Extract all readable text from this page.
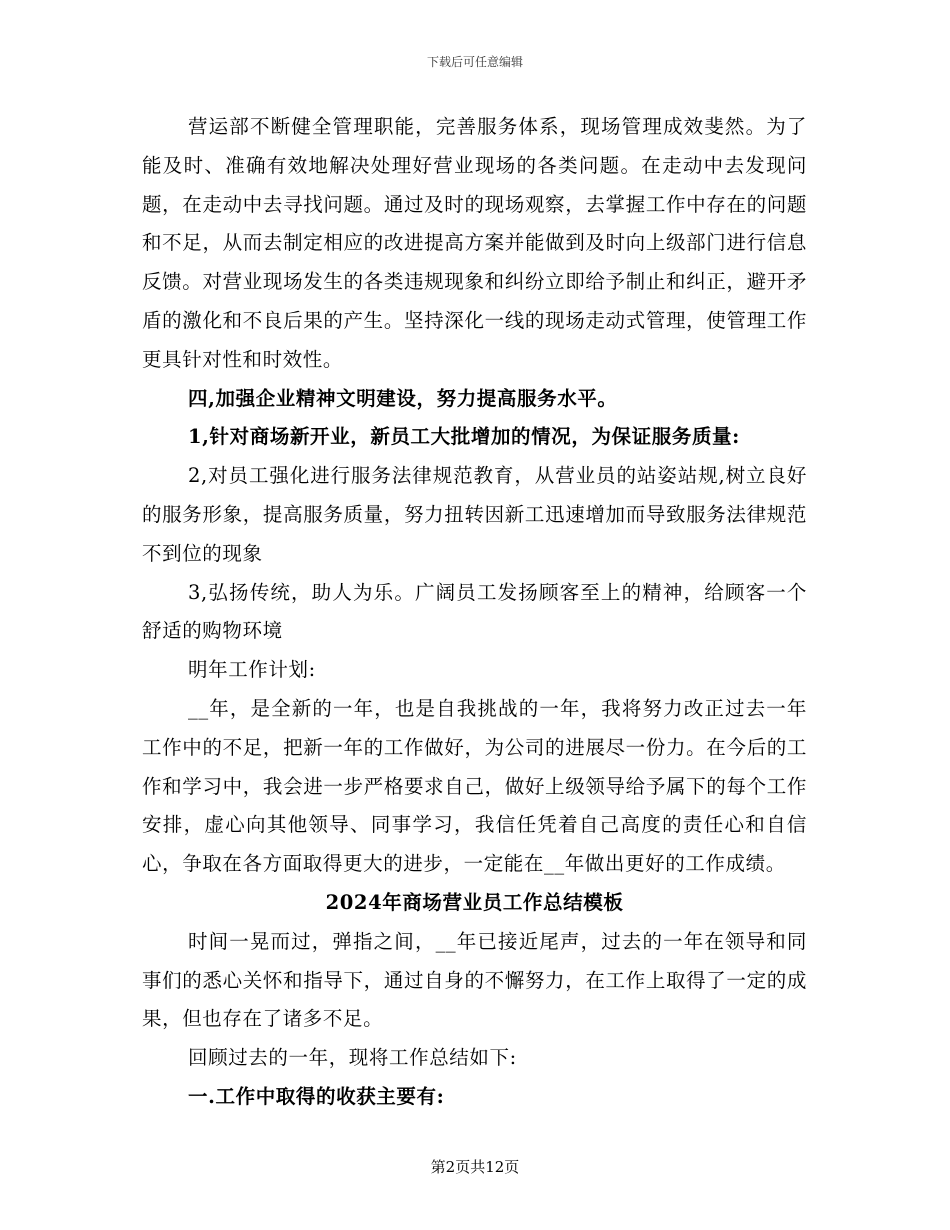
下载后可任意编辑

营运部不断健全管理职能，完善服务体系，现场管理成效斐然。为了能及时、准确有效地解决处理好营业现场的各类问题。在走动中去发现问题，在走动中去寻找问题。通过及时的现场观察，去掌握工作中存在的问题和不足，从而去制定相应的改进提高方案并能做到及时向上级部门进行信息反馈。对营业现场发生的各类违规现象和纠纷立即给予制止和纠正，避开矛盾的激化和不良后果的产生。坚持深化一线的现场走动式管理，使管理工作更具针对性和时效性。

四,加强企业精神文明建设，努力提高服务水平。

1,针对商场新开业，新员工大批增加的情况，为保证服务质量:

2,对员工强化进行服务法律规范教育，从营业员的站姿站规,树立良好的服务形象，提高服务质量，努力扭转因新工迅速增加而导致服务法律规范不到位的现象

3,弘扬传统，助人为乐。广阔员工发扬顾客至上的精神，给顾客一个舒适的购物环境

明年工作计划:

__年，是全新的一年，也是自我挑战的一年，我将努力改正过去一年工作中的不足，把新一年的工作做好，为公司的进展尽一份力。在今后的工作和学习中，我会进一步严格要求自己，做好上级领导给予属下的每个工作安排，虚心向其他领导、同事学习，我信任凭着自己高度的责任心和自信心，争取在各方面取得更大的进步，一定能在__年做出更好的工作成绩。

2024年商场营业员工作总结模板

时间一晃而过，弹指之间，__年已接近尾声，过去的一年在领导和同事们的悉心关怀和指导下，通过自身的不懈努力，在工作上取得了一定的成果，但也存在了诸多不足。

回顾过去的一年，现将工作总结如下:

一.工作中取得的收获主要有:

第2页共12页
